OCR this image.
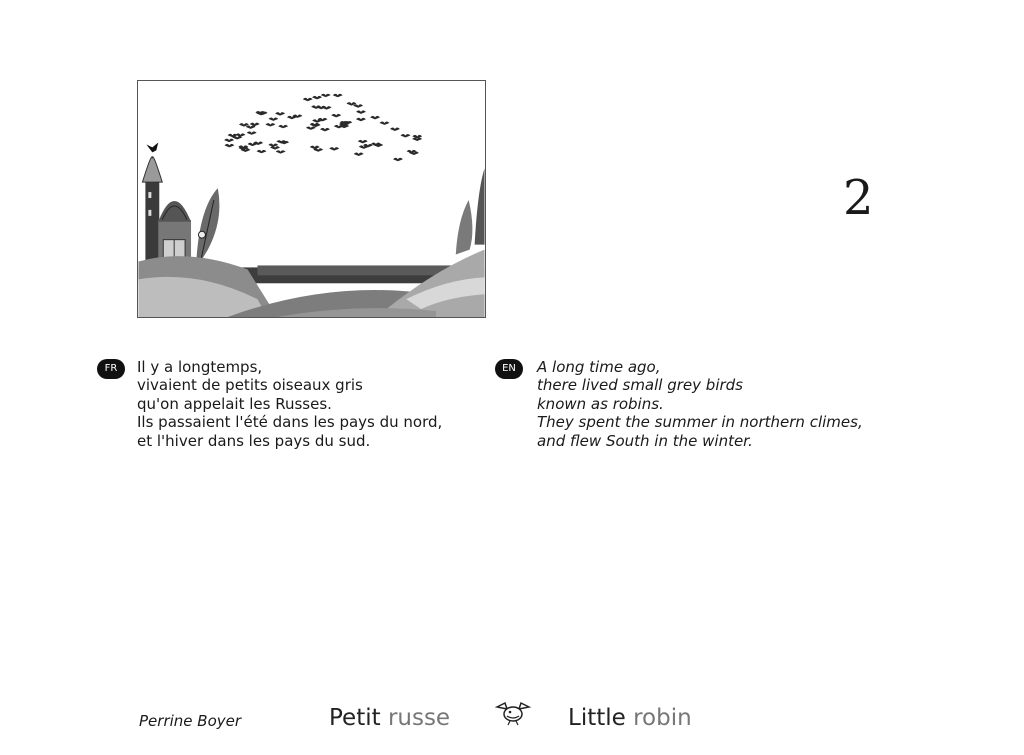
2
FR	Il y a longtemps,
vivaient de petits oiseaux gris
qu'on appelait les Russes.
Ils passaient l'été dans les pays du nord,
et l'hiver dans les pays du sud.
EN	A long time ago,
there lived small grey birds
known as robins.
They spent the summer in northern climes,
and flew South in the winter.
Perrine Boyer	Petit russe	Little robin
